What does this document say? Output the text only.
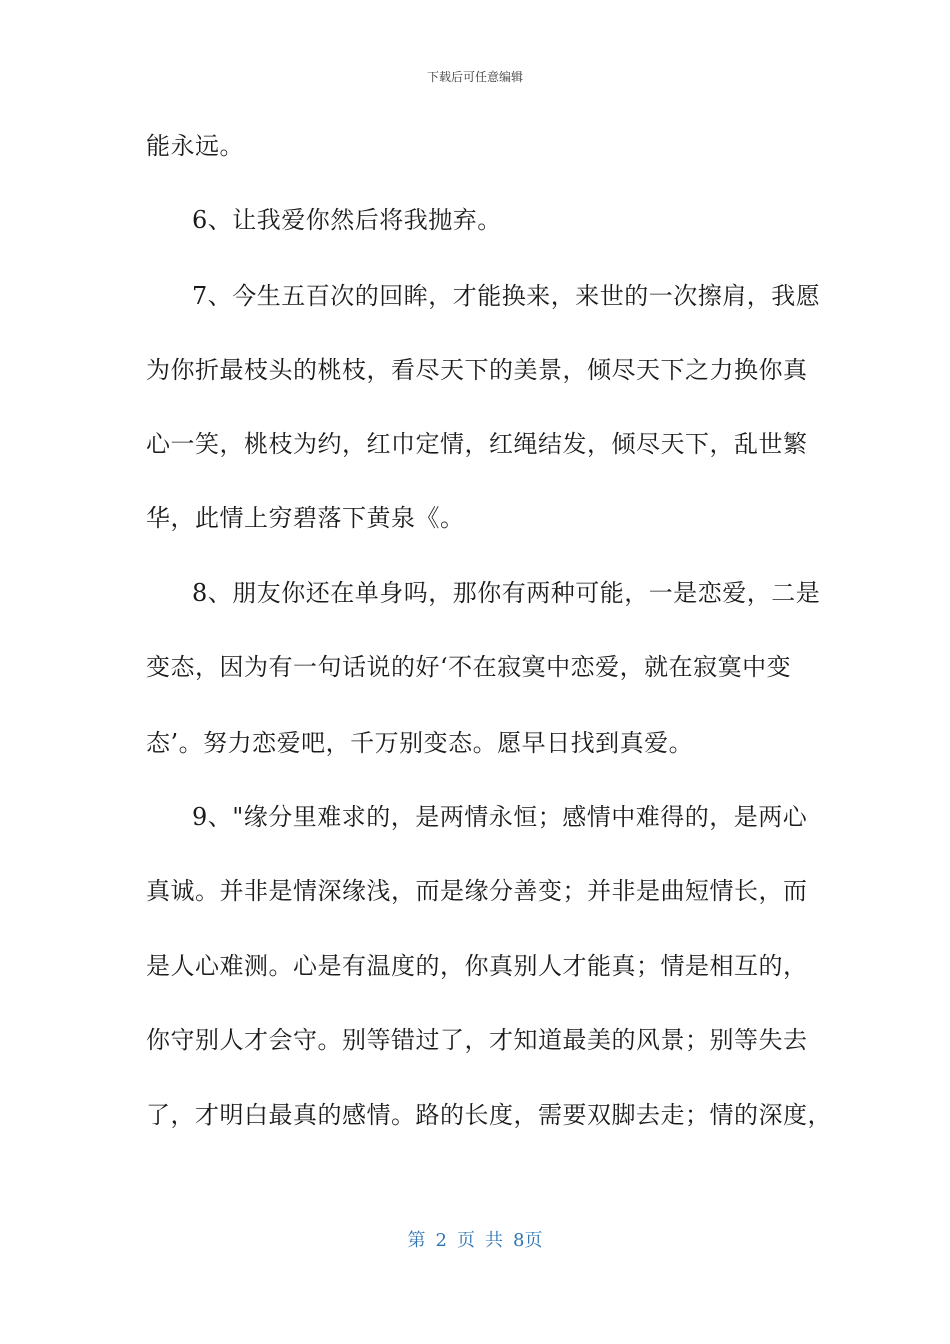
下载后可任意编辑
能永远。
6、让我爱你然后将我抛弃。
7、今生五百次的回眸，才能换来，来世的一次擦肩，我愿
为你折最枝头的桃枝，看尽天下的美景，倾尽天下之力换你真
心一笑，桃枝为约，红巾定情，红绳结发，倾尽天下，乱世繁
华，此情上穷碧落下黄泉《。
8、朋友你还在单身吗，那你有两种可能，一是恋爱，二是
变态，因为有一句话说的好‘不在寂寞中恋爱，就在寂寞中变
态’。努力恋爱吧，千万别变态。愿早日找到真爱。
9、"缘分里难求的，是两情永恒；感情中难得的，是两心
真诚。并非是情深缘浅，而是缘分善变；并非是曲短情长，而
是人心难测。心是有温度的，你真别人才能真；情是相互的，
你守别人才会守。别等错过了，才知道最美的风景；别等失去
了，才明白最真的感情。路的长度，需要双脚去走；情的深度，
第 2 页 共 8页
